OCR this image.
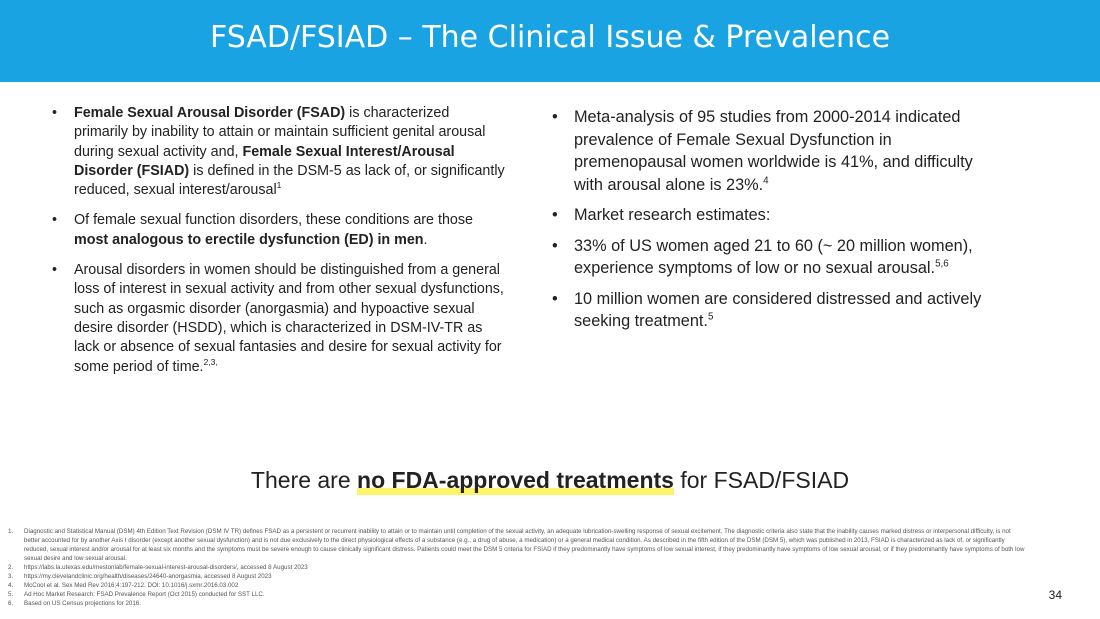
FSAD/FSIAD – The Clinical Issue & Prevalence
• Female Sexual Arousal Disorder (FSAD) is characterized primarily by inability to attain or maintain sufficient genital arousal during sexual activity and, Female Sexual Interest/Arousal Disorder (FSIAD) is defined in the DSM-5 as lack of, or significantly reduced, sexual interest/arousal$^1$
• Of female sexual function disorders, these conditions are those most analogous to erectile dysfunction (ED) in men.
• Arousal disorders in women should be distinguished from a general loss of interest in sexual activity and from other sexual dysfunctions, such as orgasmic disorder (anorgasmia) and hypoactive sexual desire disorder (HSDD), which is characterized in DSM-IV-TR as lack or absence of sexual fantasies and desire for sexual activity for some period of time.$^{2,3,}$
• Meta-analysis of 95 studies from 2000-2014 indicated prevalence of Female Sexual Dysfunction in premenopausal women worldwide is 41%, and difficulty with arousal alone is 23%.$^4$
• Market research estimates:
• 33% of US women aged 21 to 60 (~ 20 million women), experience symptoms of low or no sexual arousal.$^{5,6}$
• 10 million women are considered distressed and actively seeking treatment.$^5$
There are no FDA-approved treatments for FSAD/FSIAD
1. Diagnostic and Statistical Manual (DSM) 4th Edition Text Revision (DSM IV TR) defines FSAD as a persistent or recurrent inability to attain or to maintain until completion of the sexual activity, an adequate lubrication-swelling response of sexual excitement. The diagnostic criteria also state that the inability causes marked distress or interpersonal difficulty, is not better accounted for by another Axis I disorder (except another sexual dysfunction) and is not due exclusively to the direct physiological effects of a substance (e.g., a drug of abuse, a medication) or a general medical condition. As described in the fifth edition of the DSM (DSM 5), which was published in 2013, FSIAD is characterized as lack of, or significantly reduced, sexual interest and/or arousal for at least six months and the symptoms must be severe enough to cause clinically significant distress. Patients could meet the DSM 5 criteria for FSIAD if they predominantly have symptoms of low sexual interest, if they predominantly have symptoms of low sexual arousal, or if they predominantly have symptoms of both low sexual desire and low sexual arousal.
2. https://labs.la.utexas.edu/mestonlab/female-sexual-interest-arousal-disorders/, accessed 8 August 2023
3. https://my.clevelandclinic.org/health/diseases/24640-anorgasmia, accessed 8 August 2023
4. McCool et al. Sex Med Rev 2016;4:197-212. DOI: 10.1016/j.sxmr.2016.03.002
5. Ad Hoc Market Research: FSAD Prevalence Report (Oct 2015) conducted for SST LLC.
6. Based on US Census projections for 2016.
34
